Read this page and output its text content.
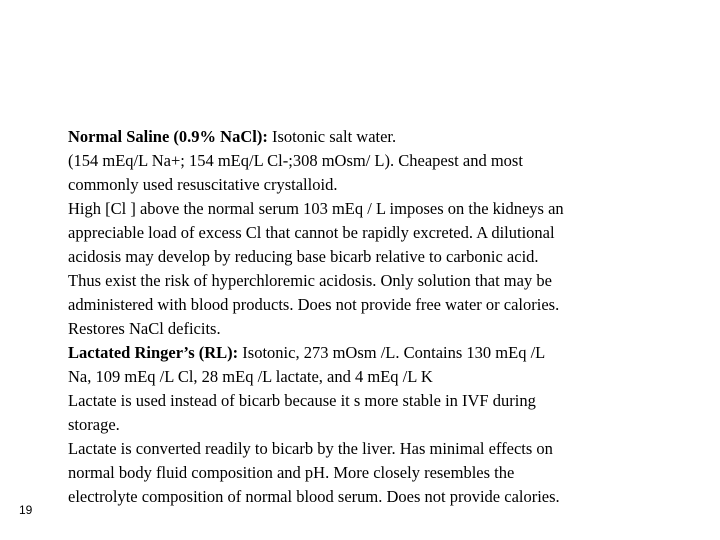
Normal Saline (0.9% NaCl): Isotonic salt water.
(154 mEq/L Na+; 154 mEq/L Cl-;308 mOsm/ L). Cheapest and most
commonly used resuscitative crystalloid.
High [Cl ] above the normal serum 103 mEq / L imposes on the kidneys an
appreciable load of excess Cl that cannot be rapidly excreted. A dilutional
acidosis may develop by reducing base bicarb relative to carbonic acid.
Thus exist the risk of hyperchloremic acidosis. Only solution that may be
administered with blood products. Does not provide free water or calories.
Restores NaCl deficits.
Lactated Ringer’s (RL): Isotonic, 273 mOsm /L. Contains 130 mEq /L
Na, 109 mEq /L Cl, 28 mEq /L lactate, and 4 mEq /L K
Lactate is used instead of bicarb because it s more stable in IVF during
storage.
Lactate is converted readily to bicarb by the liver. Has minimal effects on
normal body fluid composition and pH. More closely resembles the
electrolyte composition of normal blood serum. Does not provide calories.
19
